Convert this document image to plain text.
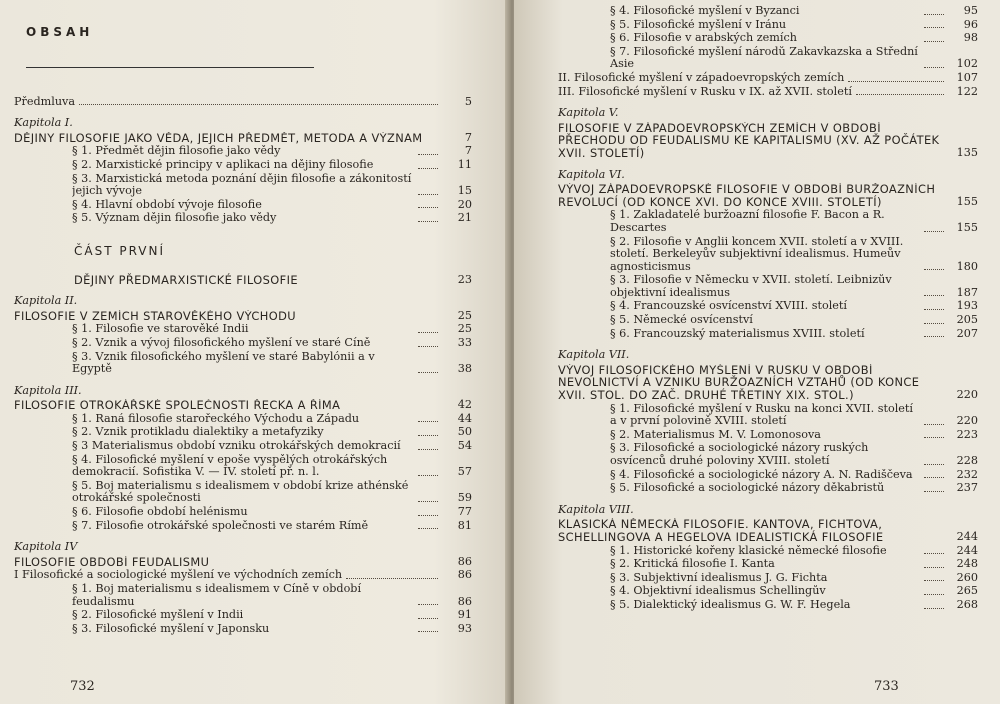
OBSAH
Předmluva	5
Kapitola I.
DĚJINY FILOSOFIE JAKO VĚDA, JEJICH PŘEDMĚT, METODA A VÝZNAM	7
§ 1. Předmět dějin filosofie jako vědy	7
§ 2. Marxistické principy v aplikaci na dějiny filosofie	11
§ 3. Marxistická metoda poznání dějin filosofie a zákonitostí jejich vývoje	15
§ 4. Hlavní období vývoje filosofie	20
§ 5. Význam dějin filosofie jako vědy	21
ČÁST PRVNÍ
DĚJINY PŘEDMARXISTICKÉ FILOSOFIE	23
Kapitola II.
FILOSOFIE V ZEMÍCH STAROVĚKÉHO VÝCHODU	25
§ 1. Filosofie ve starověké Indii	25
§ 2. Vznik a vývoj filosofického myšlení ve staré Číně	33
§ 3. Vznik filosofického myšlení ve staré Babylónii a v Egyptě	38
Kapitola III.
FILOSOFIE OTROKÁŘSKÉ SPOLEČNOSTI ŘECKA A ŘÍMA	42
§ 1. Raná filosofie starořeckého Východu a Západu	44
§ 2. Vznik protikladu dialektiky a metafyziky	50
§ 3 Materialismus období vzniku otrokářských demokracií	54
§ 4. Filosofické myšlení v epoše vyspělých otrokářských demokracií. Sofistika V. — IV. století př. n. l.	57
§ 5. Boj materialismu s idealismem v období krize athénské otrokářské společnosti	59
§ 6. Filosofie období helénismu	77
§ 7. Filosofie otrokářské společnosti ve starém Římě	81
Kapitola IV
FILOSOFIE OBDOBÍ FEUDALISMU	86
I Filosofické a sociologické myšlení ve východních zemích	86
§ 1. Boj materialismu s idealismem v Číně v období feudalismu	86
§ 2. Filosofické myšlení v Indii	91
§ 3. Filosofické myšlení v Japonsku	93
732
§ 4. Filosofické myšlení v Byzanci	95
§ 5. Filosofické myšlení v Íránu	96
§ 6. Filosofie v arabských zemích	98
§ 7. Filosofické myšlení národů Zakavkazska a Střední Asie	102
II. Filosofické myšlení v západoevropských zemích	107
III. Filosofické myšlení v Rusku v IX. až XVII. století	122
Kapitola V.
FILOSOFIE V ZÁPADOEVROPSKÝCH ZEMÍCH V OBDOBÍ PŘECHODU OD FEUDALISMU KE KAPITALISMU (XV. AŽ POČÁTEK XVII. STOLETÍ)	135
Kapitola VI.
VÝVOJ ZÁPADOEVROPSKÉ FILOSOFIE V OBDOBÍ BURŽOAZNÍCH REVOLUCÍ (OD KONCE XVI. DO KONCE XVIII. STOLETÍ)	155
§ 1. Zakladatelé buržoazní filosofie F. Bacon a R. Descartes	155
§ 2. Filosofie v Anglii koncem XVII. století a v XVIII. století. Berkeleyův subjektivní idealismus. Humeův agnosticismus	180
§ 3. Filosofie v Německu v XVII. století. Leibnizův objektivní idealismus	187
§ 4. Francouzské osvícenství XVIII. století	193
§ 5. Německé osvícenství	205
§ 6. Francouzský materialismus XVIII. století	207
Kapitola VII.
VÝVOJ FILOSOFICKÉHO MYŠLENÍ V RUSKU V OBDOBÍ NEVOLNICTVÍ A VZNIKU BURŽOAZNÍCH VZTAHŮ (OD KONCE XVII. STOL. DO ZAČ. DRUHÉ TŘETINY XIX. STOL.)	220
§ 1. Filosofické myšlení v Rusku na konci XVII. století a v první polovině XVIII. století	220
§ 2. Materialismus M. V. Lomonosova	223
§ 3. Filosofické a sociologické názory ruských osvícenců druhé poloviny XVIII. století	228
§ 4. Filosofické a sociologické názory A. N. Radiščeva	232
§ 5. Filosofické a sociologické názory děkabristů	237
Kapitola VIII.
KLASICKÁ NĚMECKÁ FILOSOFIE. KANTOVA, FICHTOVA, SCHELLINGOVA A HEGELOVA IDEALISTICKÁ FILOSOFIE	244
§ 1. Historické kořeny klasické německé filosofie	244
§ 2. Kritická filosofie I. Kanta	248
§ 3. Subjektivní idealismus J. G. Fichta	260
§ 4. Objektivní idealismus Schellingův	265
§ 5. Dialektický idealismus G. W. F. Hegela	268
733
